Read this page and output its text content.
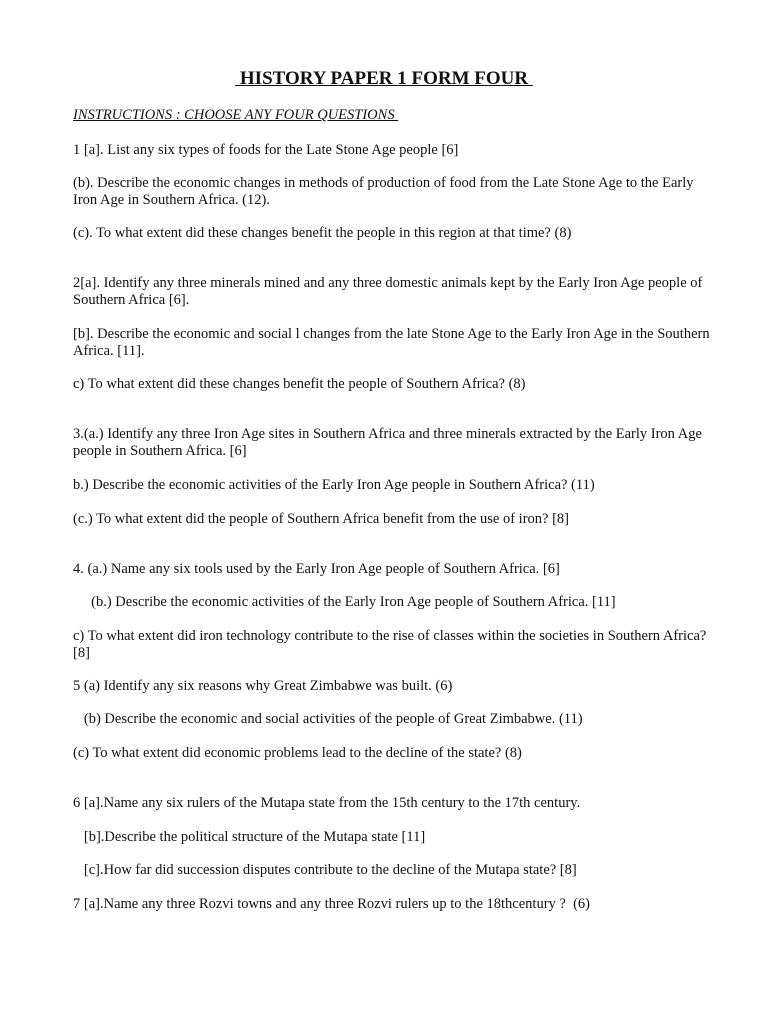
HISTORY PAPER 1 FORM FOUR

INSTRUCTIONS : CHOOSE ANY FOUR QUESTIONS

1 [a]. List any six types of foods for the Late Stone Age people [6]

(b). Describe the economic changes in methods of production of food from the Late Stone Age to the Early Iron Age in Southern Africa. (12).

(c). To what extent did these changes benefit the people in this region at that time? (8)

2[a]. Identify any three minerals mined and any three domestic animals kept by the Early Iron Age people of Southern Africa [6].

[b]. Describe the economic and social l changes from the late Stone Age to the Early Iron Age in the Southern Africa. [11].

c) To what extent did these changes benefit the people of Southern Africa? (8)

3.(a.) Identify any three Iron Age sites in Southern Africa and three minerals extracted by the Early Iron Age people in Southern Africa. [6]

b.) Describe the economic activities of the Early Iron Age people in Southern Africa? (11)

(c.) To what extent did the people of Southern Africa benefit from the use of iron? [8]

4. (a.) Name any six tools used by the Early Iron Age people of Southern Africa. [6]

(b.) Describe the economic activities of the Early Iron Age people of Southern Africa. [11]

c) To what extent did iron technology contribute to the rise of classes within the societies in Southern Africa? [8]

5 (a) Identify any six reasons why Great Zimbabwe was built. (6)

(b) Describe the economic and social activities of the people of Great Zimbabwe. (11)

(c) To what extent did economic problems lead to the decline of the state? (8)

6 [a].Name any six rulers of the Mutapa state from the 15th century to the 17th century.

[b].Describe the political structure of the Mutapa state [11]

[c].How far did succession disputes contribute to the decline of the Mutapa state? [8]

7 [a].Name any three Rozvi towns and any three Rozvi rulers up to the 18thcentury ?  (6)
